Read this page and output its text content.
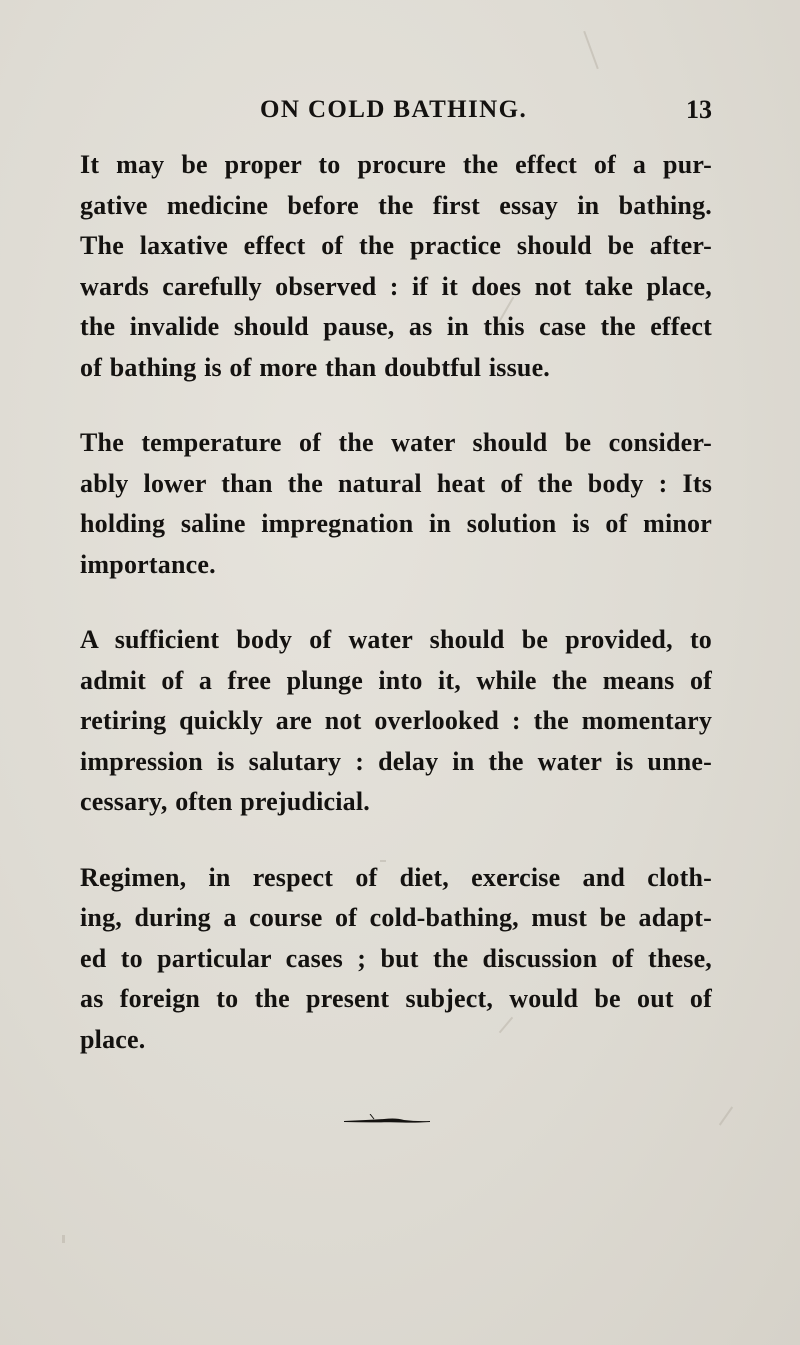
ON COLD BATHING.	13
It may be proper to procure the effect of a pur-
gative medicine before the first essay in bathing.
The laxative effect of the practice should be after-
wards carefully observed : if it does not take place,
the invalide should pause, as in this case the effect
of bathing is of more than doubtful issue.
The temperature of the water should be consider-
ably lower than the natural heat of the body : Its
holding saline impregnation in solution is of minor
importance.
A sufficient body of water should be provided, to
admit of a free plunge into it, while the means of
retiring quickly are not overlooked : the momentary
impression is salutary : delay in the water is unne-
cessary, often prejudicial.
Regimen, in respect of diet, exercise and cloth-
ing, during a course of cold-bathing, must be adapt-
ed to particular cases ; but the discussion of these,
as foreign to the present subject, would be out of
place.
